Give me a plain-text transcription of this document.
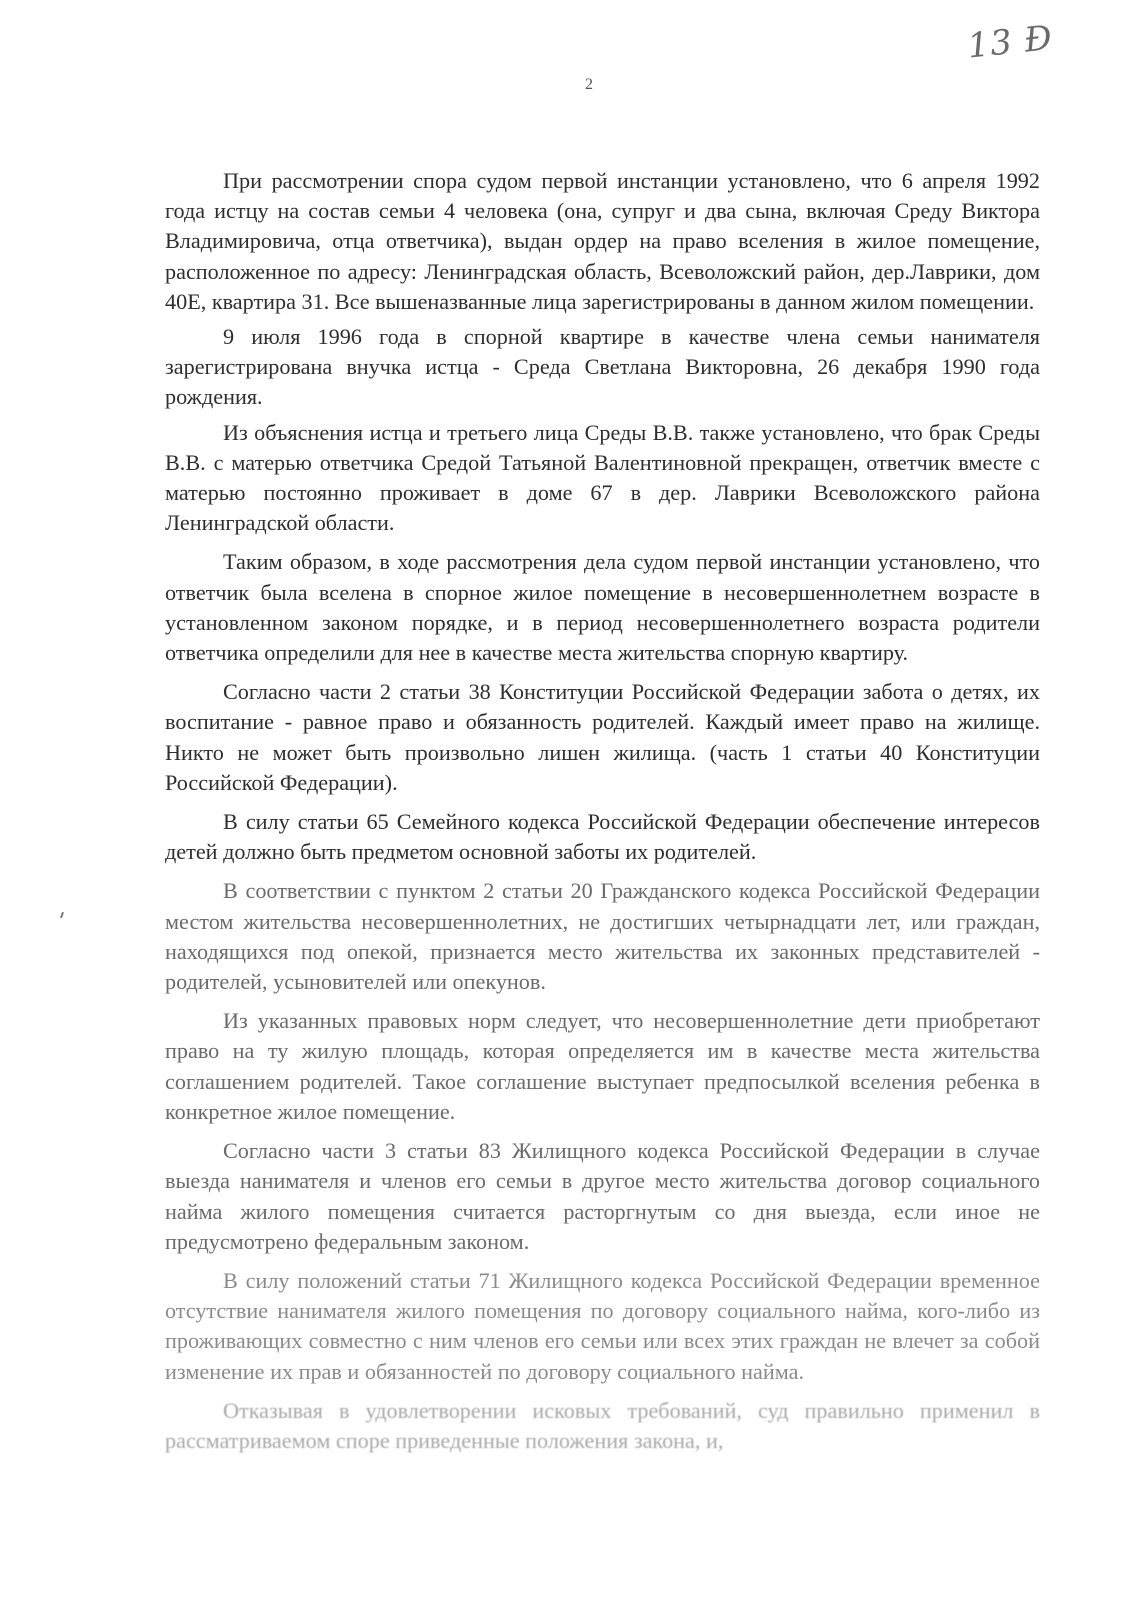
13 Ð
2

При рассмотрении спора судом первой инстанции установлено, что 6 апреля 1992 года истцу на состав семьи 4 человека (она, супруг и два сына, включая Среду Виктора Владимировича, отца ответчика), выдан ордер на право вселения в жилое помещение, расположенное по адресу: Ленинградская область, Всеволожский район, дер.Лаврики, дом 40Е, квартира 31. Все вышеназванные лица зарегистрированы в данном жилом помещении.

9 июля 1996 года в спорной квартире в качестве члена семьи нанимателя зарегистрирована внучка истца - Среда Светлана Викторовна, 26 декабря 1990 года рождения.

Из объяснения истца и третьего лица Среды В.В. также установлено, что брак Среды В.В. с матерью ответчика Средой Татьяной Валентиновной прекращен, ответчик вместе с матерью постоянно проживает в доме 67 в дер. Лаврики Всеволожского района Ленинградской области.

Таким образом, в ходе рассмотрения дела судом первой инстанции установлено, что ответчик была вселена в спорное жилое помещение в несовершеннолетнем возрасте в установленном законом порядке, и в период несовершеннолетнего возраста родители ответчика определили для нее в качестве места жительства спорную квартиру.

Согласно части 2 статьи 38 Конституции Российской Федерации забота о детях, их воспитание - равное право и обязанность родителей. Каждый имеет право на жилище. Никто не может быть произвольно лишен жилища. (часть 1 статьи 40 Конституции Российской Федерации).

В силу статьи 65 Семейного кодекса Российской Федерации обеспечение интересов детей должно быть предметом основной заботы их родителей.

В соответствии с пунктом 2 статьи 20 Гражданского кодекса Российской Федерации местом жительства несовершеннолетних, не достигших четырнадцати лет, или граждан, находящихся под опекой, признается место жительства их законных представителей - родителей, усыновителей или опекунов.

Из указанных правовых норм следует, что несовершеннолетние дети приобретают право на ту жилую площадь, которая определяется им в качестве места жительства соглашением родителей. Такое соглашение выступает предпосылкой вселения ребенка в конкретное жилое помещение.

Согласно части 3 статьи 83 Жилищного кодекса Российской Федерации в случае выезда нанимателя и членов его семьи в другое место жительства договор социального найма жилого помещения считается расторгнутым со дня выезда, если иное не предусмотрено федеральным законом.

В силу положений статьи 71 Жилищного кодекса Российской Федерации временное отсутствие нанимателя жилого помещения по договору социального найма, кого-либо из проживающих совместно с ним членов его семьи или всех этих граждан не влечет за собой изменение их прав и обязанностей по договору социального найма.

Отказывая в удовлетворении исковых требований, суд правильно применил в рассматриваемом споре приведенные положения закона, и,
